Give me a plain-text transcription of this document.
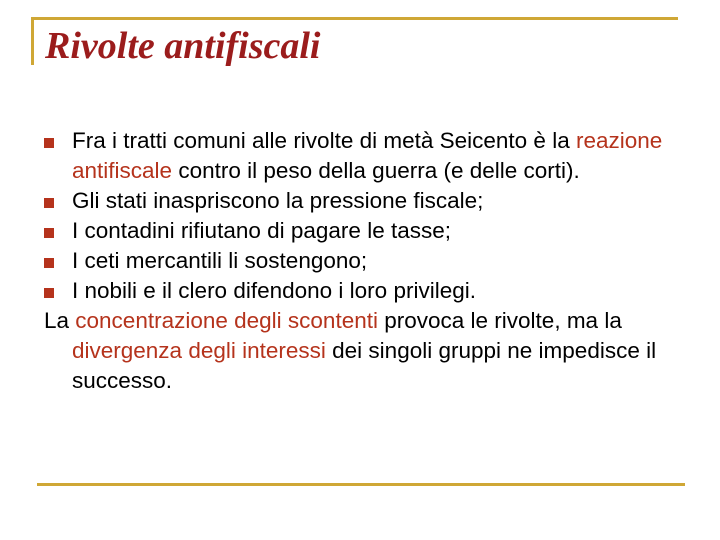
Rivolte antifiscali
Fra i tratti comuni alle rivolte di metà Seicento è la reazione antifiscale contro il peso della guerra (e delle corti).
Gli stati inaspriscono la pressione fiscale;
I contadini rifiutano di pagare le tasse;
I ceti mercantili li sostengono;
I nobili e il clero difendono i loro privilegi.
La concentrazione degli scontenti provoca le rivolte, ma la divergenza degli interessi dei singoli gruppi ne impedisce il successo.
